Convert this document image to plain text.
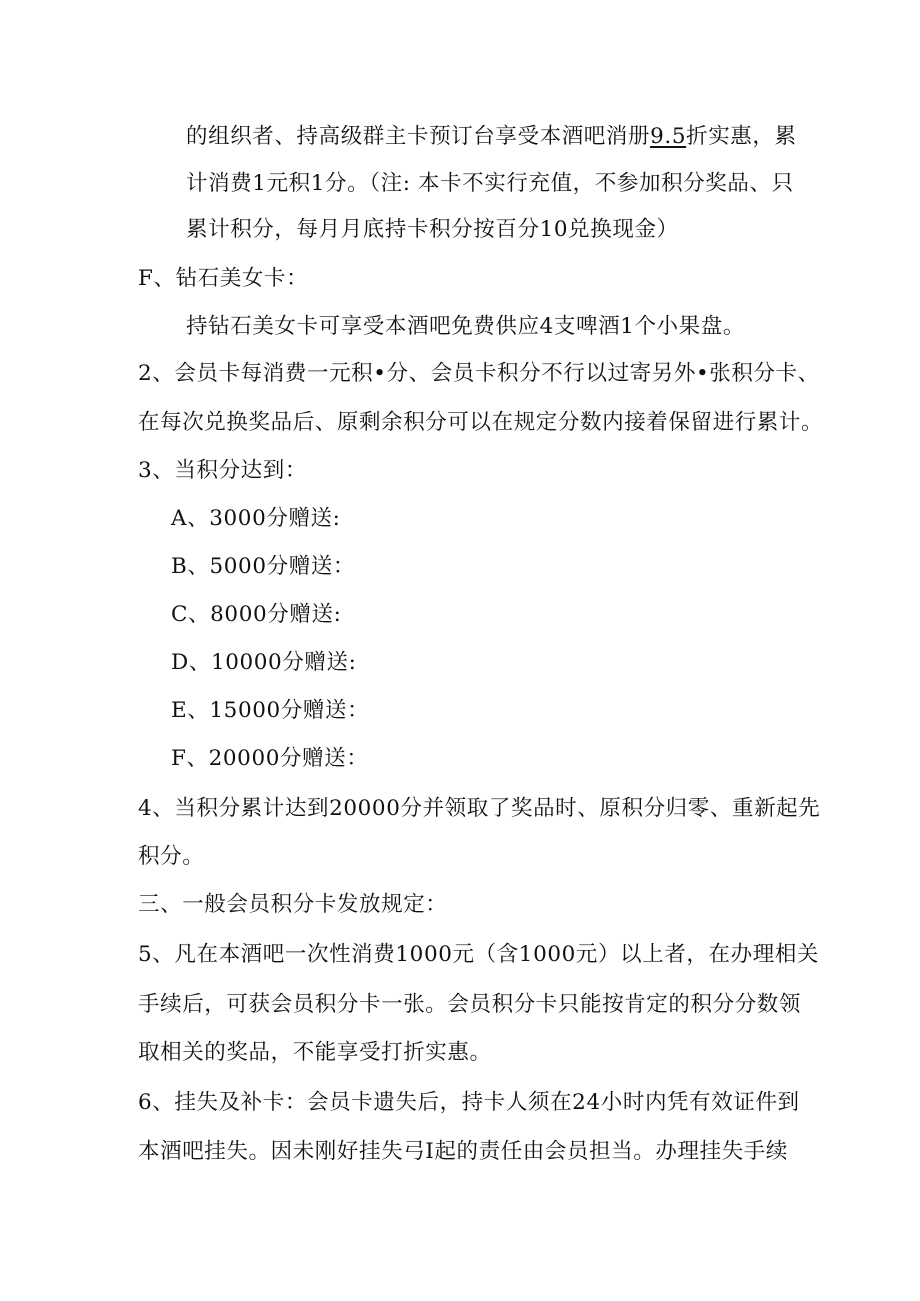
的组织者、持高级群主卡预订台享受本酒吧消册9.5折实惠，累
计消费1元积1分。（注: 本卡不实行充值，不参加积分奖品、只
累计积分，每月月底持卡积分按百分10兑换现金）
F、钻石美女卡：
持钻石美女卡可享受本酒吧免费供应4支啤酒1个小果盘。
2、会员卡每消费一元积•分、会员卡积分不行以过寄另外•张积分卡、
在每次兑换奖品后、原剩余积分可以在规定分数内接着保留进行累计。
3、当积分达到：
A、3000分赠送:
B、5000分赠送：
C、8000分赠送:
D、10000分赠送:
E、15000分赠送：
F、20000分赠送：
4、当积分累计达到20000分并领取了奖品时、原积分归零、重新起先
积分。
三、一般会员积分卡发放规定：
5、凡在本酒吧一次性消费1000元（含1000元）以上者，在办理相关
手续后，可获会员积分卡一张。会员积分卡只能按肯定的积分分数领
取相关的奖品，不能享受打折实惠。
6、挂失及补卡：会员卡遗失后，持卡人须在24小时内凭有效证件到
本酒吧挂失。因未刚好挂失弓I起的责任由会员担当。办理挂失手续
